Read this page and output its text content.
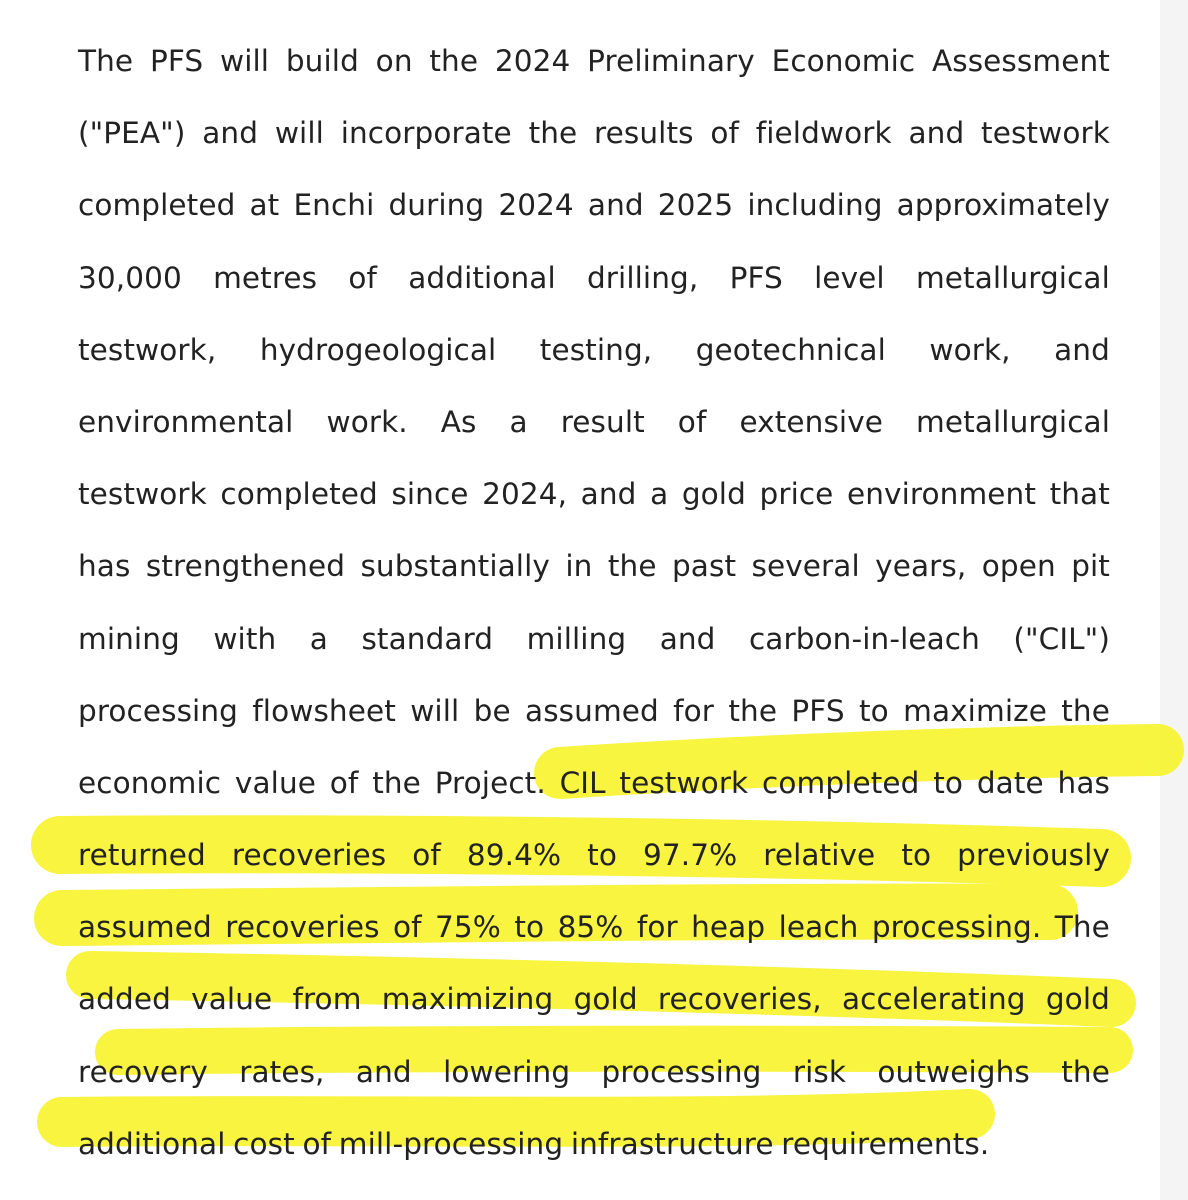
The PFS will build on the 2024 Preliminary Economic Assessment
("PEA") and will incorporate the results of fieldwork and testwork
completed at Enchi during 2024 and 2025 including approximately
30,000 metres of additional drilling, PFS level metallurgical
testwork, hydrogeological testing, geotechnical work, and
environmental work. As a result of extensive metallurgical
testwork completed since 2024, and a gold price environment that
has strengthened substantially in the past several years, open pit
mining with a standard milling and carbon-in-leach ("CIL")
processing flowsheet will be assumed for the PFS to maximize the
economic value of the Project. CIL testwork completed to date has
returned recoveries of 89.4% to 97.7% relative to previously
assumed recoveries of 75% to 85% for heap leach processing. The
added value from maximizing gold recoveries, accelerating gold
recovery rates, and lowering processing risk outweighs the
additional cost of mill-processing infrastructure requirements.
